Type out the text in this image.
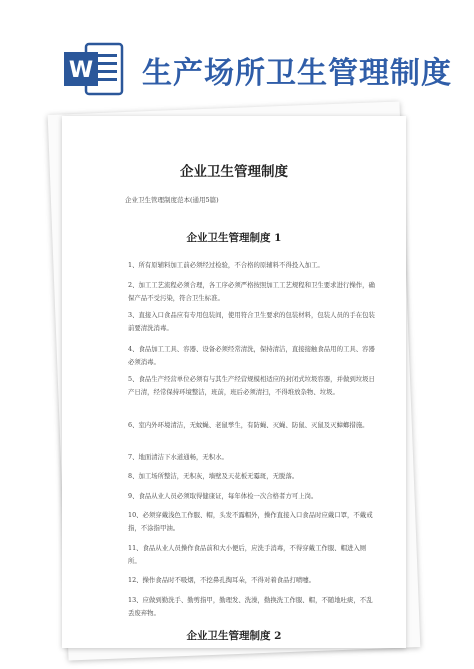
W 生产场所卫生管理制度
企业卫生管理制度
企业卫生管理制度范本(通用5篇)
企业卫生管理制度 1
1、所有原辅料加工前必须经过检验，不合格的原辅料不得投入加工。
2、加工工艺流程必须合理，各工序必须严格按照加工工艺规程和卫生要求进行操作，确保产品不受污染，符合卫生标准。
3、直接入口食品应有专用包装间，使用符合卫生要求的包装材料，包装人员的手在包装前要清洗消毒。
4、食品加工工具、容器、设备必须经常清洗，保持清洁，直接接触食品用的工具、容器必须消毒。
5、食品生产经营单位必须有与其生产经营规模相适应的封闭式垃圾容器，并做到垃圾日产日清，经常保持环境整洁，班前，班后必须清扫，不得堆放杂物、垃圾。
6、室内外环境清洁，无蚊蝇、老鼠孳生，有防蝇、灭蝇、防鼠、灭鼠及灭蟑螂措施。
7、地面清洁下水道通畅，无积水。
8、加工场所整洁，无积灰，墙壁及天花板无霉斑，无脱落。
9、食品从业人员必须取得健康证，每年体检一次合格者方可上岗。
10、必须穿戴浅色工作服、帽，头发不露帽外，操作直接入口食品时应戴口罩，不戴戒指，不涂指甲油。
11、食品从业人员操作食品前和大小便后，应洗手消毒，不得穿戴工作服、帽进入厕所。
12、操作食品时不吸烟，不挖鼻孔掏耳朵，不得对着食品打喷嚏。
13、应做到勤洗手、勤剪指甲，勤理发、洗澡，勤换洗工作服、帽，不随地吐痰，不乱丢废弃物。
企业卫生管理制度 2
